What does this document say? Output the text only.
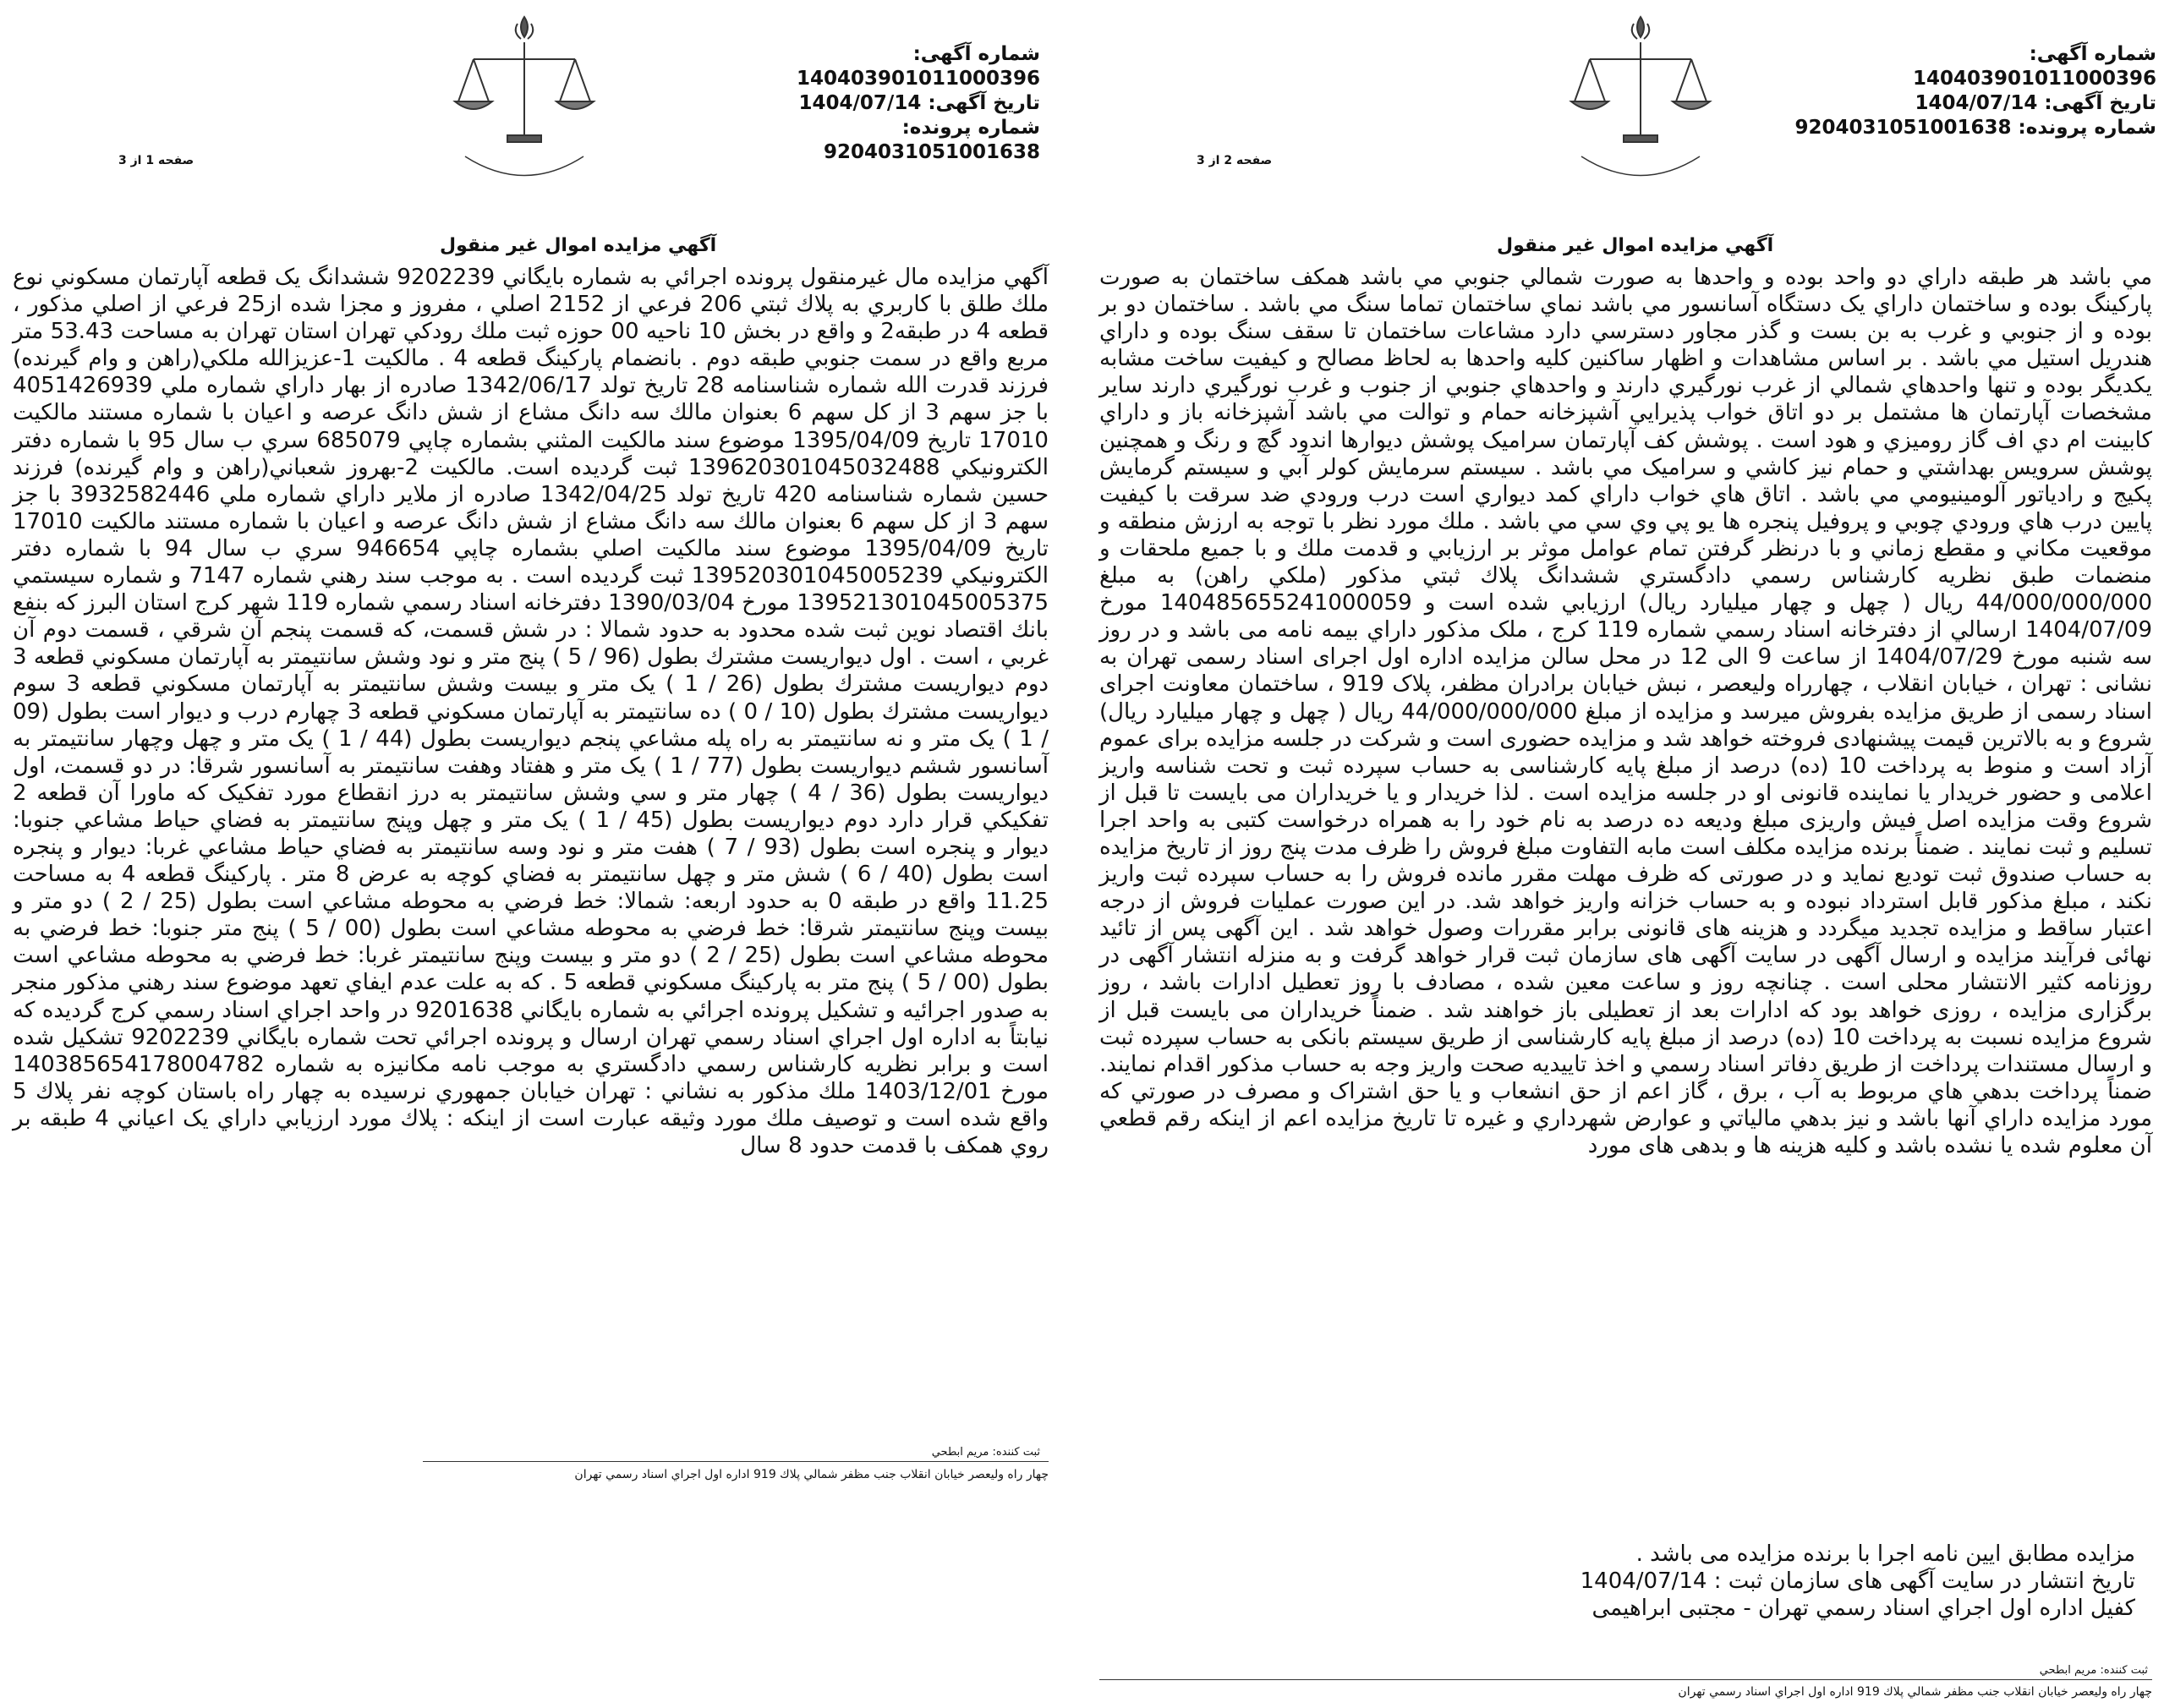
شماره آگهی: 140403901011000396
تاریخ آگهی: 1404/07/14
شماره پرونده: 9204031051001638
صفحه 1 از 3
آگهي مزايده اموال غير منقول

آگهي مزايده مال غيرمنقول پرونده اجرائي به شماره بايگاني 9202239 ششدانگ يک قطعه آپارتمان مسكوني نوع ملك طلق با كاربري به پلاك ثبتي 206 فرعي از 2152 اصلي ، مفروز و مجزا شده از25 فرعي از اصلي مذكور ، قطعه 4 در طبقه2 و واقع در بخش 10 ناحيه 00 حوزه ثبت ملك رودكي تهران استان تهران به مساحت 53.43 متر مربع واقع در سمت جنوبي طبقه دوم . بانضمام پاركينگ قطعه 4 . مالكيت 1-عزيزالله ملكي(راهن و وام گيرنده) فرزند قدرت الله شماره شناسنامه 28 تاريخ تولد 1342/06/17 صادره از بهار داراي شماره ملي 4051426939 با جز سهم 3 از كل سهم 6 بعنوان مالك سه دانگ مشاع از شش دانگ عرصه و اعيان با شماره مستند مالكيت 17010 تاريخ 1395/04/09 موضوع سند مالكيت المثني بشماره چاپي 685079 سري ب سال 95 با شماره دفتر الكترونيكي 139620301045032488 ثبت گرديده است. مالكيت 2-بهروز شعباني(راهن و وام گيرنده) فرزند حسين شماره شناسنامه 420 تاريخ تولد 1342/04/25 صادره از ملاير داراي شماره ملي 3932582446 با جز سهم 3 از كل سهم 6 بعنوان مالك سه دانگ مشاع از شش دانگ عرصه و اعيان با شماره مستند مالكيت 17010 تاريخ 1395/04/09 موضوع سند مالكيت اصلي بشماره چاپي 946654 سري ب سال 94 با شماره دفتر الكترونيكي 139520301045005239 ثبت گرديده است . به موجب سند رهني شماره 7147 و شماره سيستمي 139521301045005375 مورخ 1390/03/04 دفترخانه اسناد رسمي شماره 119 شهر كرج استان البرز كه بنفع بانك اقتصاد نوين ثبت شده محدود به حدود شمالا : در شش قسمت، كه قسمت پنجم آن شرقي ، قسمت دوم آن غربي ، است . اول ديواريست مشترك بطول (96 / 5 ) پنج متر و نود وشش سانتيمتر به آپارتمان مسكوني قطعه 3 دوم ديواريست مشترك بطول (26 / 1 ) يک متر و بيست وشش سانتيمتر به آپارتمان مسكوني قطعه 3 سوم ديواريست مشترك بطول (10 / 0 ) ده سانتيمتر به آپارتمان مسكوني قطعه 3 چهارم درب و ديوار است بطول (09 / 1 ) يک متر و نه سانتيمتر به راه پله مشاعي پنجم ديواريست بطول (44 / 1 ) يک متر و چهل وچهار سانتيمتر به آسانسور ششم ديواريست بطول (77 / 1 ) يک متر و هفتاد وهفت سانتيمتر به آسانسور شرقا: در دو قسمت، اول ديواريست بطول (36 / 4 ) چهار متر و سي وشش سانتيمتر به درز انقطاع مورد تفكيک كه ماورا آن قطعه 2 تفكيكي قرار دارد دوم ديواريست بطول (45 / 1 ) يک متر و چهل وپنج سانتيمتر به فضاي حياط مشاعي جنوبا: ديوار و پنجره است بطول (93 / 7 ) هفت متر و نود وسه سانتيمتر به فضاي حياط مشاعي غربا: ديوار و پنجره است بطول (40 / 6 ) شش متر و چهل سانتيمتر به فضاي كوچه به عرض 8 متر . پاركينگ قطعه 4 به مساحت 11.25 واقع در طبقه 0 به حدود اربعه: شمالا: خط فرضي به محوطه مشاعي است بطول (25 / 2 ) دو متر و بيست وپنج سانتيمتر شرقا: خط فرضي به محوطه مشاعي است بطول (00 / 5 ) پنج متر جنوبا: خط فرضي به محوطه مشاعي است بطول (25 / 2 ) دو متر و بيست وپنج سانتيمتر غربا: خط فرضي به محوطه مشاعي است بطول (00 / 5 ) پنج متر به پاركينگ مسكوني قطعه 5 . كه به علت عدم ايفاي تعهد موضوع سند رهني مذكور منجر به صدور اجرائيه و تشكيل پرونده اجرائي به شماره بايگاني 9201638 در واحد اجراي اسناد رسمي كرج گرديده كه نيابتاً به اداره اول اجراي اسناد رسمي تهران ارسال و پرونده اجرائي تحت شماره بايگاني 9202239 تشكيل شده است و برابر نظريه كارشناس رسمي دادگستري به موجب نامه مكانيزه به شماره 140385654178004782 مورخ 1403/12/01 ملك مذكور به نشاني : تهران خيابان جمهوري نرسيده به چهار راه باستان كوچه نفر پلاك 5 واقع شده است و توصيف ملك مورد وثيقه عبارت است از اينكه : پلاك مورد ارزيابي داراي يک اعياني 4 طبقه بر روي همكف با قدمت حدود 8 سال

ثبت كننده: مريم ابطحي
چهار راه وليعصر خيابان انقلاب جنب مظفر شمالي پلاك 919 اداره اول اجراي اسناد رسمي تهران
شماره آگهی: 140403901011000396
تاریخ آگهی: 1404/07/14
شماره پرونده: 9204031051001638
صفحه 2 از 3
آگهي مزايده اموال غير منقول

مي باشد هر طبقه داراي دو واحد بوده و واحدها به صورت شمالي جنوبي مي باشد همكف ساختمان به صورت پاركينگ بوده و ساختمان داراي يک دستگاه آسانسور مي باشد نماي ساختمان تماما سنگ مي باشد . ساختمان دو بر بوده و از جنوبي و غرب به بن بست و گذر مجاور دسترسي دارد مشاعات ساختمان تا سقف سنگ بوده و داراي هندريل استيل مي باشد . بر اساس مشاهدات و اظهار ساكنين كليه واحدها به لحاظ مصالح و كيفيت ساخت مشابه يكديگر بوده و تنها واحدهاي شمالي از غرب نورگيري دارند و واحدهاي جنوبي از جنوب و غرب نورگيري دارند ساير مشخصات آپارتمان ها مشتمل بر دو اتاق خواب پذيرايي آشپزخانه حمام و توالت مي باشد آشپزخانه باز و داراي كابينت ام دي اف گاز روميزي و هود است . پوشش كف آپارتمان سراميک پوشش ديوارها اندود گچ و رنگ و همچنين پوشش سرويس بهداشتي و حمام نيز كاشي و سراميک مي باشد . سيستم سرمايش كولر آبي و سيستم گرمايش پكيج و رادياتور آلومينيومي مي باشد . اتاق هاي خواب داراي كمد ديواري است درب ورودي ضد سرقت با كيفيت پايين درب هاي ورودي چوبي و پروفيل پنجره ها يو پي وي سي مي باشد . ملك مورد نظر با توجه به ارزش منطقه و موقعيت مكاني و مقطع زماني و با درنظر گرفتن تمام عوامل موثر بر ارزيابي و قدمت ملك و با جميع ملحقات و منضمات طبق نظريه كارشناس رسمي دادگستري ششدانگ پلاك ثبتي مذكور (ملكي راهن) به مبلغ 44/000/000/000 ريال ( چهل و چهار ميليارد ريال) ارزيابي شده است و 140485655241000059 مورخ 1404/07/09 ارسالي از دفترخانه اسناد رسمي شماره 119 كرج ، ملک مذکور داراي بيمه نامه می باشد و در روز سه شنبه مورخ 1404/07/29 از ساعت 9 الی 12 در محل سالن مزايده اداره اول اجرای اسناد رسمی تهران به نشانی : تهران ، خيابان انقلاب ، چهارراه وليعصر ، نبش خيابان برادران مظفر، پلاک 919 ، ساختمان معاونت اجرای اسناد رسمی از طريق مزايده بفروش ميرسد و مزايده از مبلغ 44/000/000/000 ريال ( چهل و چهار ميليارد ريال) شروع و به بالاترين قيمت پيشنهادی فروخته خواهد شد و مزايده حضوری است و شرکت در جلسه مزايده برای عموم آزاد است و منوط به پرداخت 10 (ده) درصد از مبلغ پايه کارشناسی به حساب سپرده ثبت و تحت شناسه واريز اعلامی و حضور خريدار يا نماينده قانونی او در جلسه مزايده است . لذا خريدار و يا خريداران می بايست تا قبل از شروع وقت مزايده اصل فيش واريزی مبلغ وديعه ده درصد به نام خود را به همراه درخواست کتبی به واحد اجرا تسليم و ثبت نمايند . ضمناً برنده مزايده مکلف است مابه التفاوت مبلغ فروش را ظرف مدت پنج روز از تاريخ مزايده به حساب صندوق ثبت توديع نمايد و در صورتی که ظرف مهلت مقرر مانده فروش را به حساب سپرده ثبت واريز نکند ، مبلغ مذکور قابل استرداد نبوده و به حساب خزانه واريز خواهد شد. در اين صورت عمليات فروش از درجه اعتبار ساقط و مزايده تجديد ميگردد و هزينه های قانونی برابر مقررات وصول خواهد شد . اين آگهی پس از تائيد نهائی فرآيند مزايده و ارسال آگهی در سايت آگهی های سازمان ثبت قرار خواهد گرفت و به منزله انتشار آگهی در روزنامه کثير الانتشار محلی است . چنانچه روز و ساعت معين شده ، مصادف با روز تعطيل ادارات باشد ، روز برگزاری مزايده ، روزی خواهد بود که ادارات بعد از تعطيلی باز خواهند شد . ضمناً خريداران می بايست قبل از شروع مزايده نسبت به پرداخت 10 (ده) درصد از مبلغ پايه کارشناسی از طريق سيستم بانکی به حساب سپرده ثبت و ارسال مستندات پرداخت از طريق دفاتر اسناد رسمي و اخذ تاييديه صحت واريز وجه به حساب مذکور اقدام نمايند. ضمناً پرداخت بدهي هاي مربوط به آب ، برق ، گاز اعم از حق انشعاب و يا حق اشتراک و مصرف در صورتي كه مورد مزايده داراي آنها باشد و نيز بدهي مالياتي و عوارض شهرداري و غيره تا تاريخ مزايده اعم از اينكه رقم قطعي آن معلوم شده يا نشده باشد و کليه هزينه ها و بدهی های مورد

مزايده مطابق ايين نامه اجرا با برنده مزايده می باشد .
تاريخ انتشار در سايت آگهی های سازمان ثبت : 1404/07/14
کفيل اداره اول اجراي اسناد رسمي تهران - مجتبی ابراهيمی
ثبت كننده: مريم ابطحي
چهار راه وليعصر خيابان انقلاب جنب مظفر شمالي پلاك 919 اداره اول اجراي اسناد رسمي تهران
